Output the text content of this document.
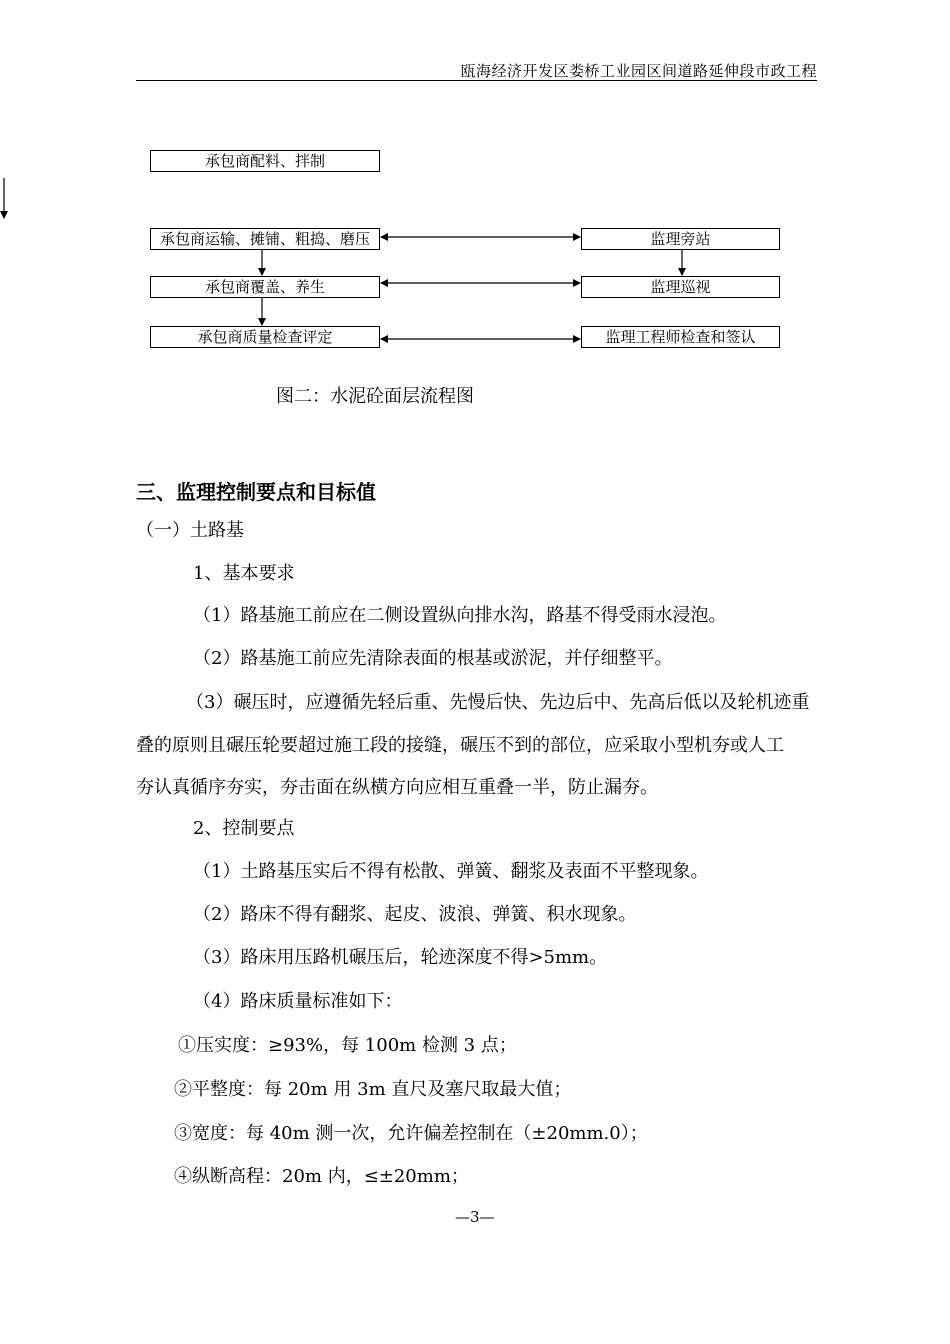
瓯海经济开发区娄桥工业园区间道路延伸段市政工程
承包商配料、拌制
承包商运输、摊铺、粗捣、磨压
承包商覆盖、养生
承包商质量检查评定
监理旁站
监理巡视
监理工程师检查和签认
图二：水泥砼面层流程图
三、监理控制要点和目标值
（一）土路基
1、基本要求
（1）路基施工前应在二侧设置纵向排水沟，路基不得受雨水浸泡。
（2）路基施工前应先清除表面的根基或淤泥，并仔细整平。
（3）碾压时，应遵循先轻后重、先慢后快、先边后中、先高后低以及轮机迹重
叠的原则且碾压轮要超过施工段的接缝，碾压不到的部位，应采取小型机夯或人工
夯认真循序夯实，夯击面在纵横方向应相互重叠一半，防止漏夯。
2、控制要点
（1）土路基压实后不得有松散、弹簧、翻浆及表面不平整现象。
（2）路床不得有翻浆、起皮、波浪、弹簧、积水现象。
（3）路床用压路机碾压后，轮迹深度不得>5mm。
（4）路床质量标准如下：
①压实度：≥93%，每 100m 检测 3 点；
②平整度：每 20m 用 3m 直尺及塞尺取最大值；
③宽度：每 40m 测一次，允许偏差控制在（±20mm.0）；
④纵断高程：20m 内，≤±20mm；
—3—
